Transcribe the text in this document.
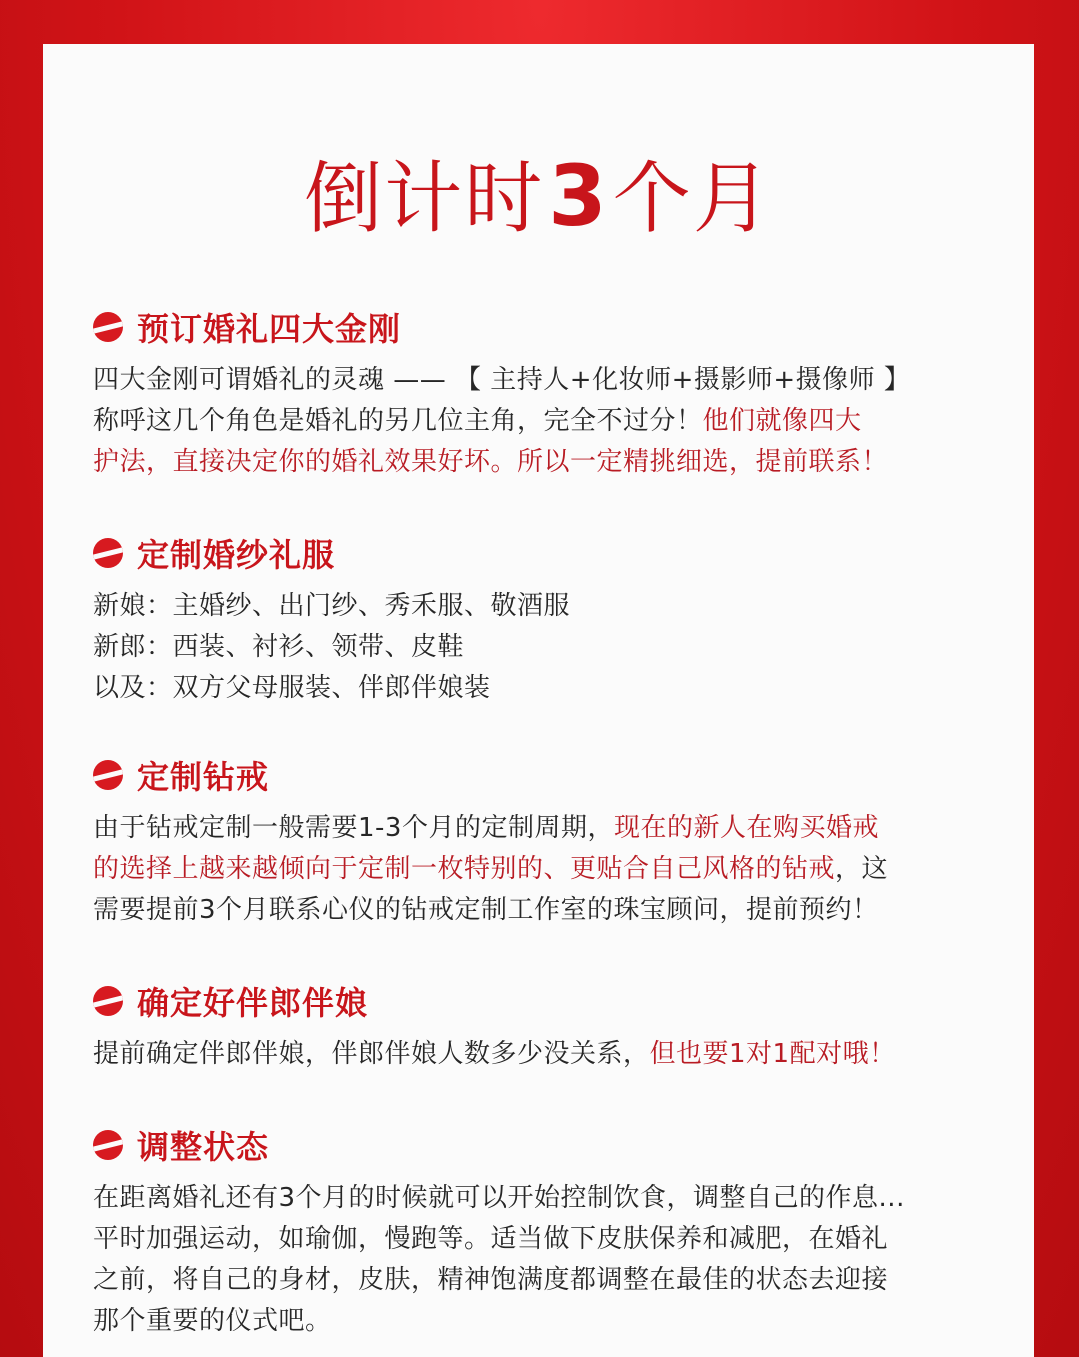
倒计时3个月
预订婚礼四大金刚
四大金刚可谓婚礼的灵魂 —— 【 主持人+化妆师+摄影师+摄像师 】
称呼这几个角色是婚礼的另几位主角，完全不过分！他们就像四大
护法，直接决定你的婚礼效果好坏。所以一定精挑细选，提前联系！
定制婚纱礼服
新娘：主婚纱、出门纱、秀禾服、敬酒服
新郎：西装、衬衫、领带、皮鞋
以及：双方父母服装、伴郎伴娘装
定制钻戒
由于钻戒定制一般需要1-3个月的定制周期，现在的新人在购买婚戒
的选择上越来越倾向于定制一枚特别的、更贴合自己风格的钻戒，这
需要提前3个月联系心仪的钻戒定制工作室的珠宝顾问，提前预约！
确定好伴郎伴娘
提前确定伴郎伴娘，伴郎伴娘人数多少没关系，但也要1对1配对哦！
调整状态
在距离婚礼还有3个月的时候就可以开始控制饮食，调整自己的作息...
平时加强运动，如瑜伽，慢跑等。适当做下皮肤保养和减肥，在婚礼
之前，将自己的身材，皮肤，精神饱满度都调整在最佳的状态去迎接
那个重要的仪式吧。
